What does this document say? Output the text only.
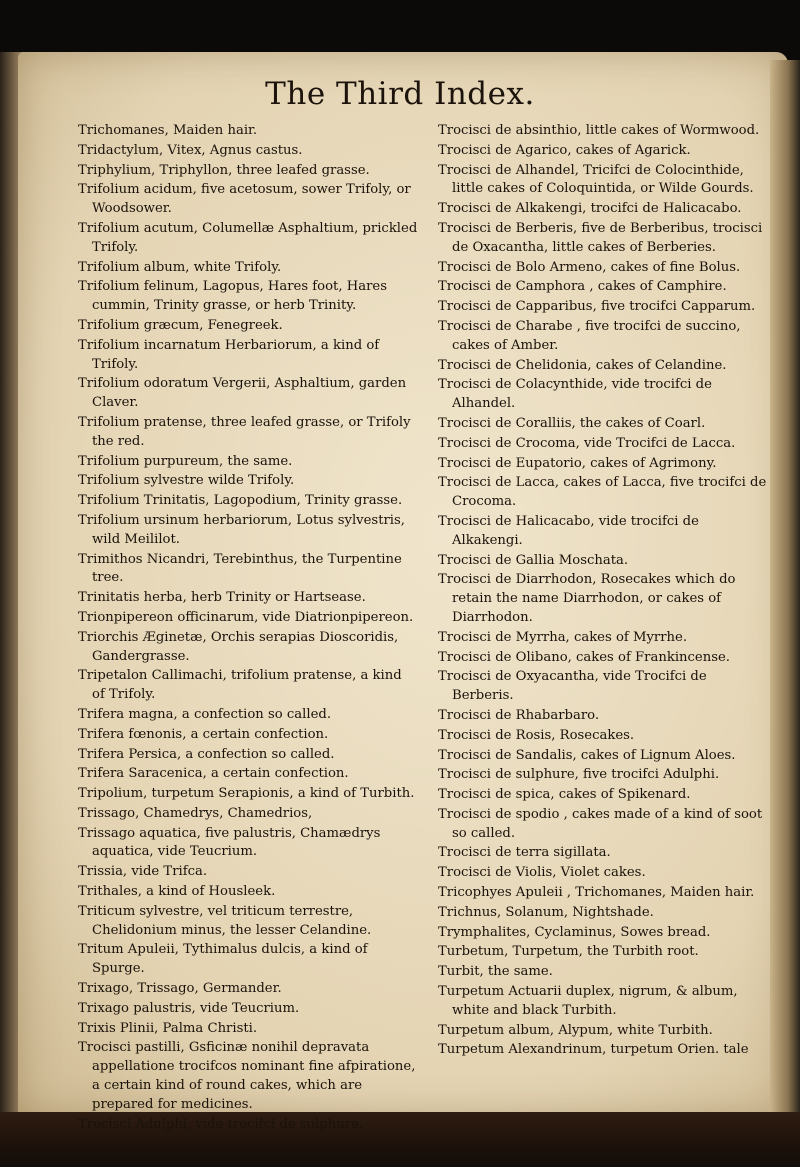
The Third Index.
Trichomanes, Maiden hair.
Tridactylum, Vitex, Agnus castus.
Triphylium, Triphyllon, three leafed grasse.
Trifolium acidum, five acetosum, sower Trifoly, or Woodsower.
Trifolium acutum, Columellæ Asphaltium, prickled Trifoly.
Trifolium album, white Trifoly.
Trifolium felinum, Lagopus, Hares foot, Hares cummin, Trinity grasse, or herb Trinity.
Trifolium græcum, Fenegreek.
Trifolium incarnatum Herbariorum, a kind of Trifoly.
Trifolium odoratum Vergerii, Asphaltium, garden Claver.
Trifolium pratense, three leafed grasse, or Trifoly the red.
Trifolium purpureum, the same.
Trifolium sylvestre wilde Trifoly.
Trifolium Trinitatis, Lagopodium, Trinity grasse.
Trifolium ursinum herbariorum, Lotus sylvestris, wild Meililot.
Trimithos Nicandri, Terebinthus, the Turpentine tree.
Trinitatis herba, herb Trinity or Hartsease.
Trionpipereon officinarum, vide Diatrionpipereon.
Triorchis Æginetæ, Orchis serapias Dioscoridis, Gandergrasse.
Tripetalon Callimachi, trifolium pratense, a kind of Trifoly.
Trifera magna, a confection so called.
Trifera fœnonis, a certain confection.
Trifera Persica, a confection so called.
Trifera Saracenica, a certain confection.
Tripolium, turpetum Serapionis, a kind of Turbith.
Trissago, Chamedrys, Chamedrios,
Trissago aquatica, five palustris, Chamædrys aquatica, vide Teucrium.
Trissia, vide Trifca.
Trithales, a kind of Housleek.
Triticum sylvestre, vel triticum terrestre, Chelidonium minus, the lesser Celandine.
Tritum Apuleii, Tythimalus dulcis, a kind of Spurge.
Trixago, Trissago, Germander.
Trixago palustris, vide Teucrium.
Trixis Plinii, Palma Christi.
Trocisci pastilli, Gsficinæ nonihil depravata appellatione trocifcos nominant fine afpiratione, a certain kind of round cakes, which are prepared for medicines.
Trocisci Adulphi, vide trocifci de sulphure.
Trocisci de absinthio, little cakes of Wormwood.
Trocisci de Agarico, cakes of Agarick.
Trocisci de Alhandel, Tricifci de Colocinthide, little cakes of Coloquintida, or Wilde Gourds.
Trocisci de Alkakengi, trocifci de Halicacabo.
Trocisci de Berberis, five de Berberibus, trocisci de Oxacantha, little cakes of Berberies.
Trocisci de Bolo Armeno, cakes of fine Bolus.
Trocisci de Camphora , cakes of Camphire.
Trocisci de Capparibus, five trocifci Capparum.
Trocisci de Charabe , five trocifci de succino, cakes of Amber.
Trocisci de Chelidonia, cakes of Celandine.
Trocisci de Colacynthide, vide trocifci de Alhandel.
Trocisci de Coralliis, the cakes of Coarl.
Trocisci de Crocoma, vide Trocifci de Lacca.
Trocisci de Eupatorio, cakes of Agrimony.
Trocisci de Lacca, cakes of Lacca, five trocifci de Crocoma.
Trocisci de Halicacabo, vide trocifci de Alkakengi.
Trocisci de Gallia Moschata.
Trocisci de Diarrhodon, Rosecakes which do retain the name Diarrhodon, or cakes of Diarrhodon.
Trocisci de Myrrha, cakes of Myrrhe.
Trocisci de Olibano, cakes of Frankincense.
Trocisci de Oxyacantha, vide Trocifci de Berberis.
Trocisci de Rhabarbaro.
Trocisci de Rosis, Rosecakes.
Trocisci de Sandalis, cakes of Lignum Aloes.
Trocisci de sulphure, five trocifci Adulphi.
Trocisci de spica, cakes of Spikenard.
Trocisci de spodio , cakes made of a kind of soot so called.
Trocisci de terra sigillata.
Trocisci de Violis, Violet cakes.
Tricophyes Apuleii , Trichomanes, Maiden hair.
Trichnus, Solanum, Nightshade.
Trymphalites, Cyclaminus, Sowes bread.
Turbetum, Turpetum, the Turbith root.
Turbit, the same.
Turpetum Actuarii duplex, nigrum, & album, white and black Turbith.
Turpetum album, Alypum, white Turbith.
Turpetum Alexandrinum, turpetum Orien. tale
